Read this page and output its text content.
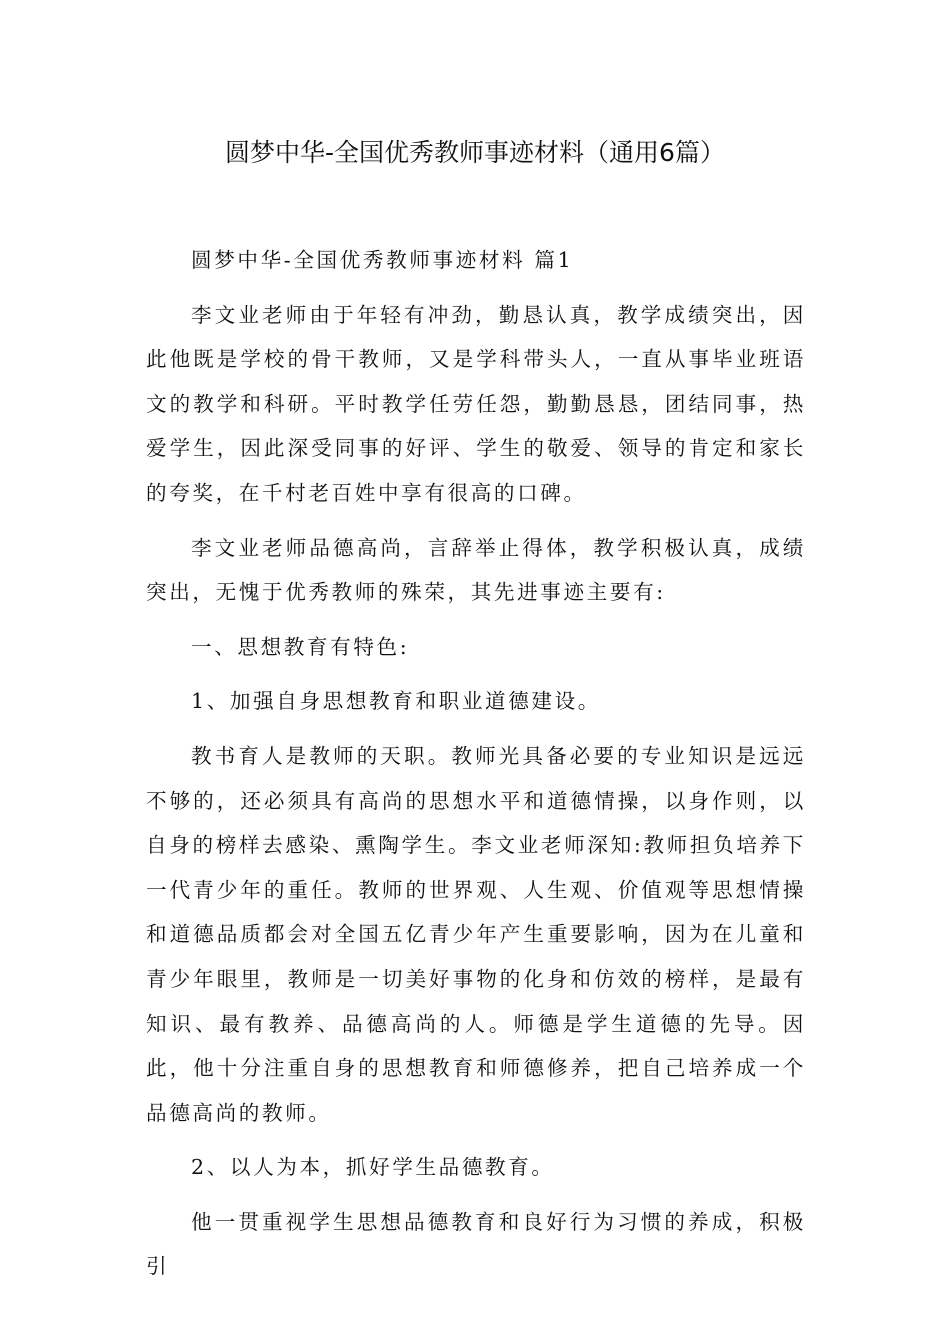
圆梦中华-全国优秀教师事迹材料（通用6篇）

圆梦中华-全国优秀教师事迹材料 篇1

李文业老师由于年轻有冲劲，勤恳认真，教学成绩突出，因此他既是学校的骨干教师，又是学科带头人，一直从事毕业班语文的教学和科研。平时教学任劳任怨，勤勤恳恳，团结同事，热爱学生，因此深受同事的好评、学生的敬爱、领导的肯定和家长的夸奖，在千村老百姓中享有很高的口碑。

李文业老师品德高尚，言辞举止得体，教学积极认真，成绩突出，无愧于优秀教师的殊荣，其先进事迹主要有:

一、思想教育有特色:

1、加强自身思想教育和职业道德建设。

教书育人是教师的天职。教师光具备必要的专业知识是远远不够的，还必须具有高尚的思想水平和道德情操，以身作则，以自身的榜样去感染、熏陶学生。李文业老师深知:教师担负培养下一代青少年的重任。教师的世界观、人生观、价值观等思想情操和道德品质都会对全国五亿青少年产生重要影响，因为在儿童和青少年眼里，教师是一切美好事物的化身和仿效的榜样，是最有知识、最有教养、品德高尚的人。师德是学生道德的先导。因此，他十分注重自身的思想教育和师德修养，把自己培养成一个品德高尚的教师。

2、以人为本，抓好学生品德教育。

他一贯重视学生思想品德教育和良好行为习惯的养成，积极引
